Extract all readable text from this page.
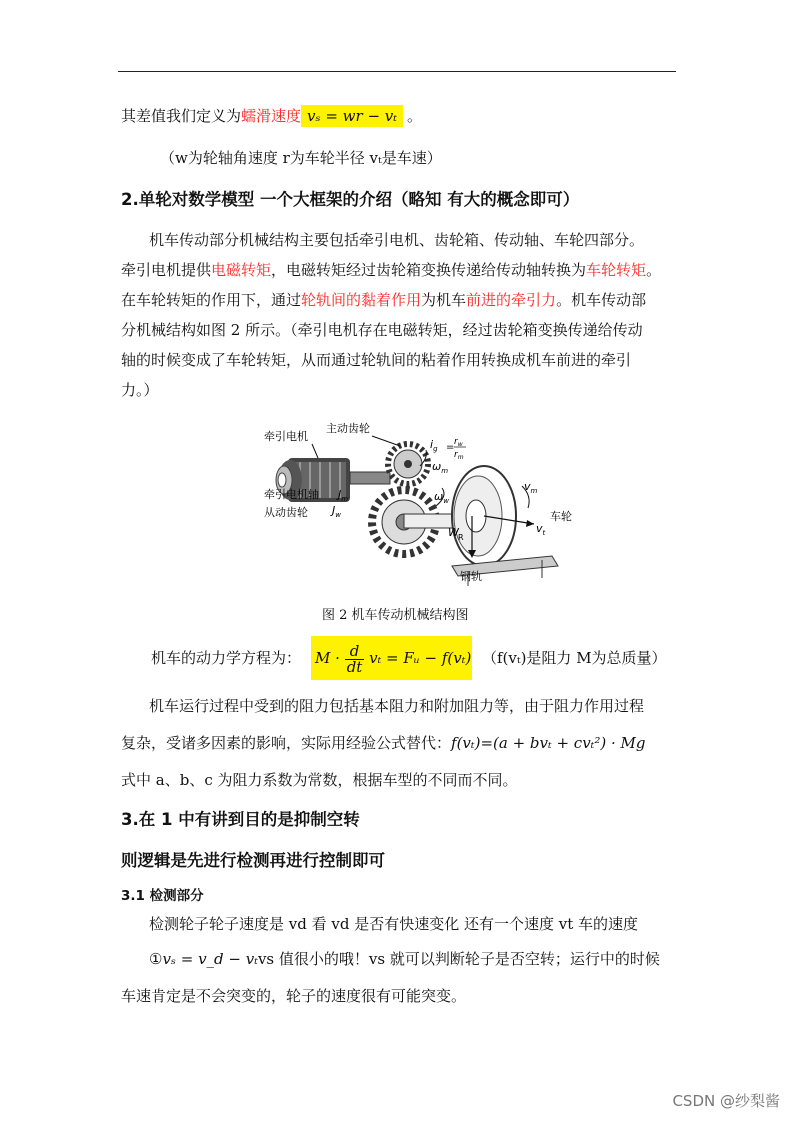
其差值我们定义为蠕滑速度 vₛ = wr − vₜ 。
（w为轮轴角速度 r为车轮半径 vₜ是车速）
2.单轮对数学模型 一个大框架的介绍（略知 有大的概念即可）
机车传动部分机械结构主要包括牵引电机、齿轮箱、传动轴、车轮四部分。
牵引电机提供电磁转矩，电磁转矩经过齿轮箱变换传递给传动轴转换为车轮转矩。
在车轮转矩的作用下，通过轮轨间的黏着作用为机车前进的牵引力。机车传动部
分机械结构如图 2 所示。（牵引电机存在电磁转矩，经过齿轮箱变换传递给传动
轴的时候变成了车轮转矩，从而通过轮轨间的粘着作用转换成机车前进的牵引
力。）
牵引电机
主动齿轮
牵引电机轴 $J_m$
从动齿轮 $J_w$
$i_g = r_w$
$r_m$
$\omega_m$
$\omega_w$
$v_m$
车轮
$v_t$
W R
钢轨
图 2 机车传动机械结构图
机车的动力学方程为： $M \cdot \frac{d}{dt}$ vₜ = Fᵤ − f(vₜ) （f(vₜ)是阻力 M为总质量）
机车运行过程中受到的阻力包括基本阻力和附加阻力等，由于阻力作用过程
复杂，受诸多因素的影响，实际用经验公式替代：f(vₜ)=(a + bvₜ + cvₜ²) · Mg
式中 a、b、c 为阻力系数为常数，根据车型的不同而不同。
3.在 1 中有讲到目的是抑制空转
则逻辑是先进行检测再进行控制即可
3.1 检测部分
检测轮子轮子速度是 vd 看 vd 是否有快速变化 还有一个速度 vt 车的速度
①vₛ = v_d − vₜvs 值很小的哦！vs 就可以判断轮子是否空转；运行中的时候
车速肯定是不会突变的，轮子的速度很有可能突变。
CSDN @纱梨酱
